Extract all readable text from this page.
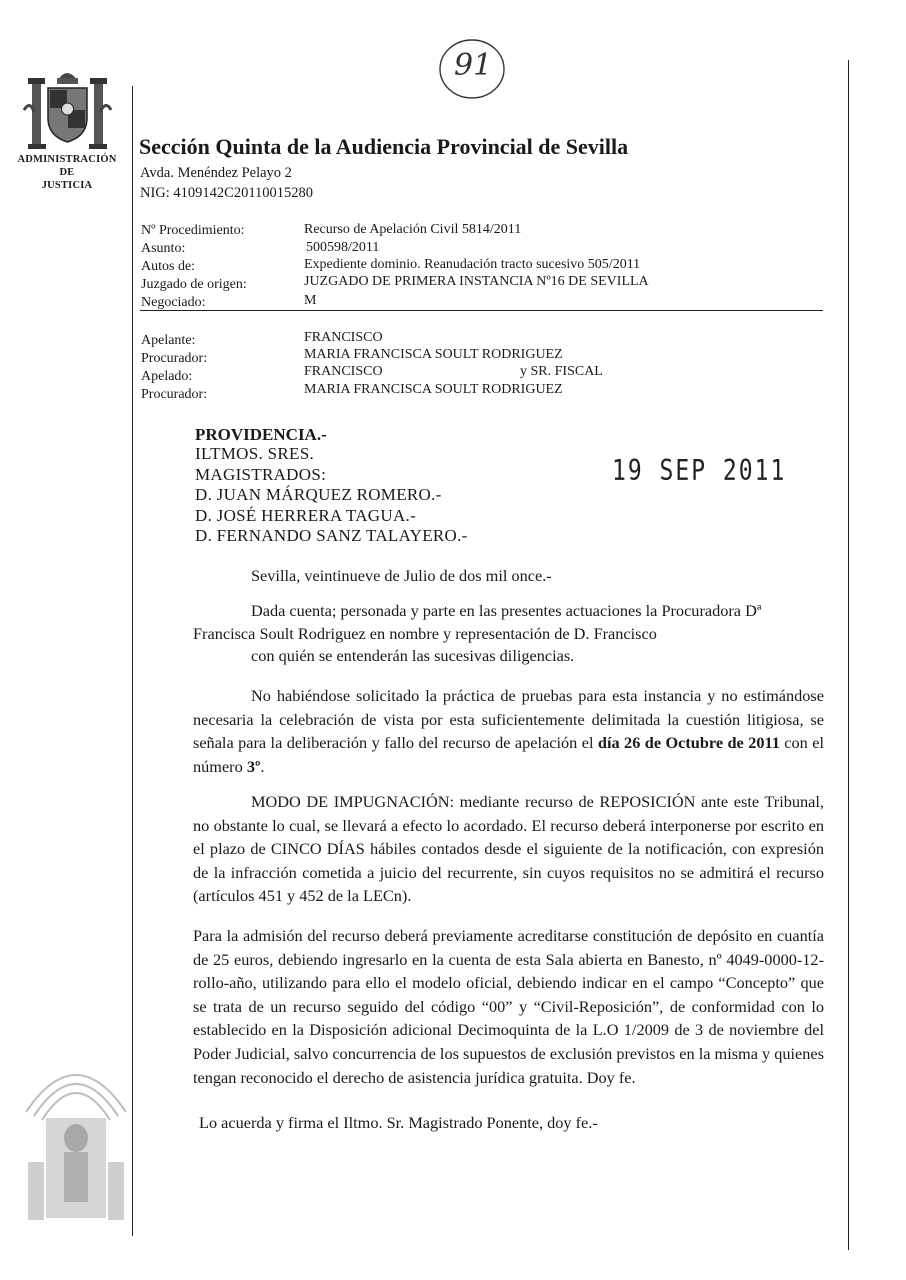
91
ADMINISTRACIÓN
DE
JUSTICIA
Sección Quinta de la Audiencia Provincial de Sevilla
Avda. Menéndez Pelayo 2
NIG: 4109142C20110015280
Nº Procedimiento:	Recurso de Apelación Civil 5814/2011
Asunto:	500598/2011
Autos de:	Expediente dominio. Reanudación tracto sucesivo 505/2011
Juzgado de origen:	JUZGADO DE PRIMERA INSTANCIA Nº16 DE SEVILLA
Negociado:	M
Apelante:	FRANCISCO
Procurador:	MARIA FRANCISCA SOULT RODRIGUEZ
Apelado:	FRANCISCO	y SR. FISCAL
Procurador:	MARIA FRANCISCA SOULT RODRIGUEZ
PROVIDENCIA.-
ILTMOS. SRES.
MAGISTRADOS:
D. JUAN MÁRQUEZ ROMERO.-
D. JOSÉ HERRERA TAGUA.-
D. FERNANDO SANZ TALAYERO.-
19 SEP 2011
Sevilla, veintinueve de Julio de dos mil once.-
Dada cuenta; personada y parte en las presentes actuaciones la Procuradora Dª
Francisca Soult Rodriguez en nombre y representación de D. Francisco
con quién se entenderán las sucesivas diligencias.
No habiéndose solicitado la práctica de pruebas para esta instancia y no estimándose necesaria la celebración de vista por esta suficientemente delimitada la cuestión litigiosa, se señala para la deliberación y fallo del recurso de apelación el día 26 de Octubre de 2011 con el número 3º.
MODO DE IMPUGNACIÓN: mediante recurso de REPOSICIÓN ante este Tribunal, no obstante lo cual, se llevará a efecto lo acordado. El recurso deberá interponerse por escrito en el plazo de CINCO DÍAS hábiles contados desde el siguiente de la notificación, con expresión de la infracción cometida a juicio del recurrente, sin cuyos requisitos no se admitirá el recurso (artículos 451 y 452 de la LECn).
Para la admisión del recurso deberá previamente acreditarse constitución de depósito en cuantía de 25 euros, debiendo ingresarlo en la cuenta de esta Sala abierta en Banesto, nº 4049-0000-12- rollo-año, utilizando para ello el modelo oficial, debiendo indicar en el campo “Concepto” que se trata de un recurso seguido del código “00” y “Civil-Reposición”, de conformidad con lo establecido en la Disposición adicional Decimoquinta de la L.O 1/2009 de 3 de noviembre del Poder Judicial, salvo concurrencia de los supuestos de exclusión previstos en la misma y quienes tengan reconocido el derecho de asistencia jurídica gratuita. Doy fe.
Lo acuerda y firma el Iltmo. Sr. Magistrado Ponente, doy fe.-
